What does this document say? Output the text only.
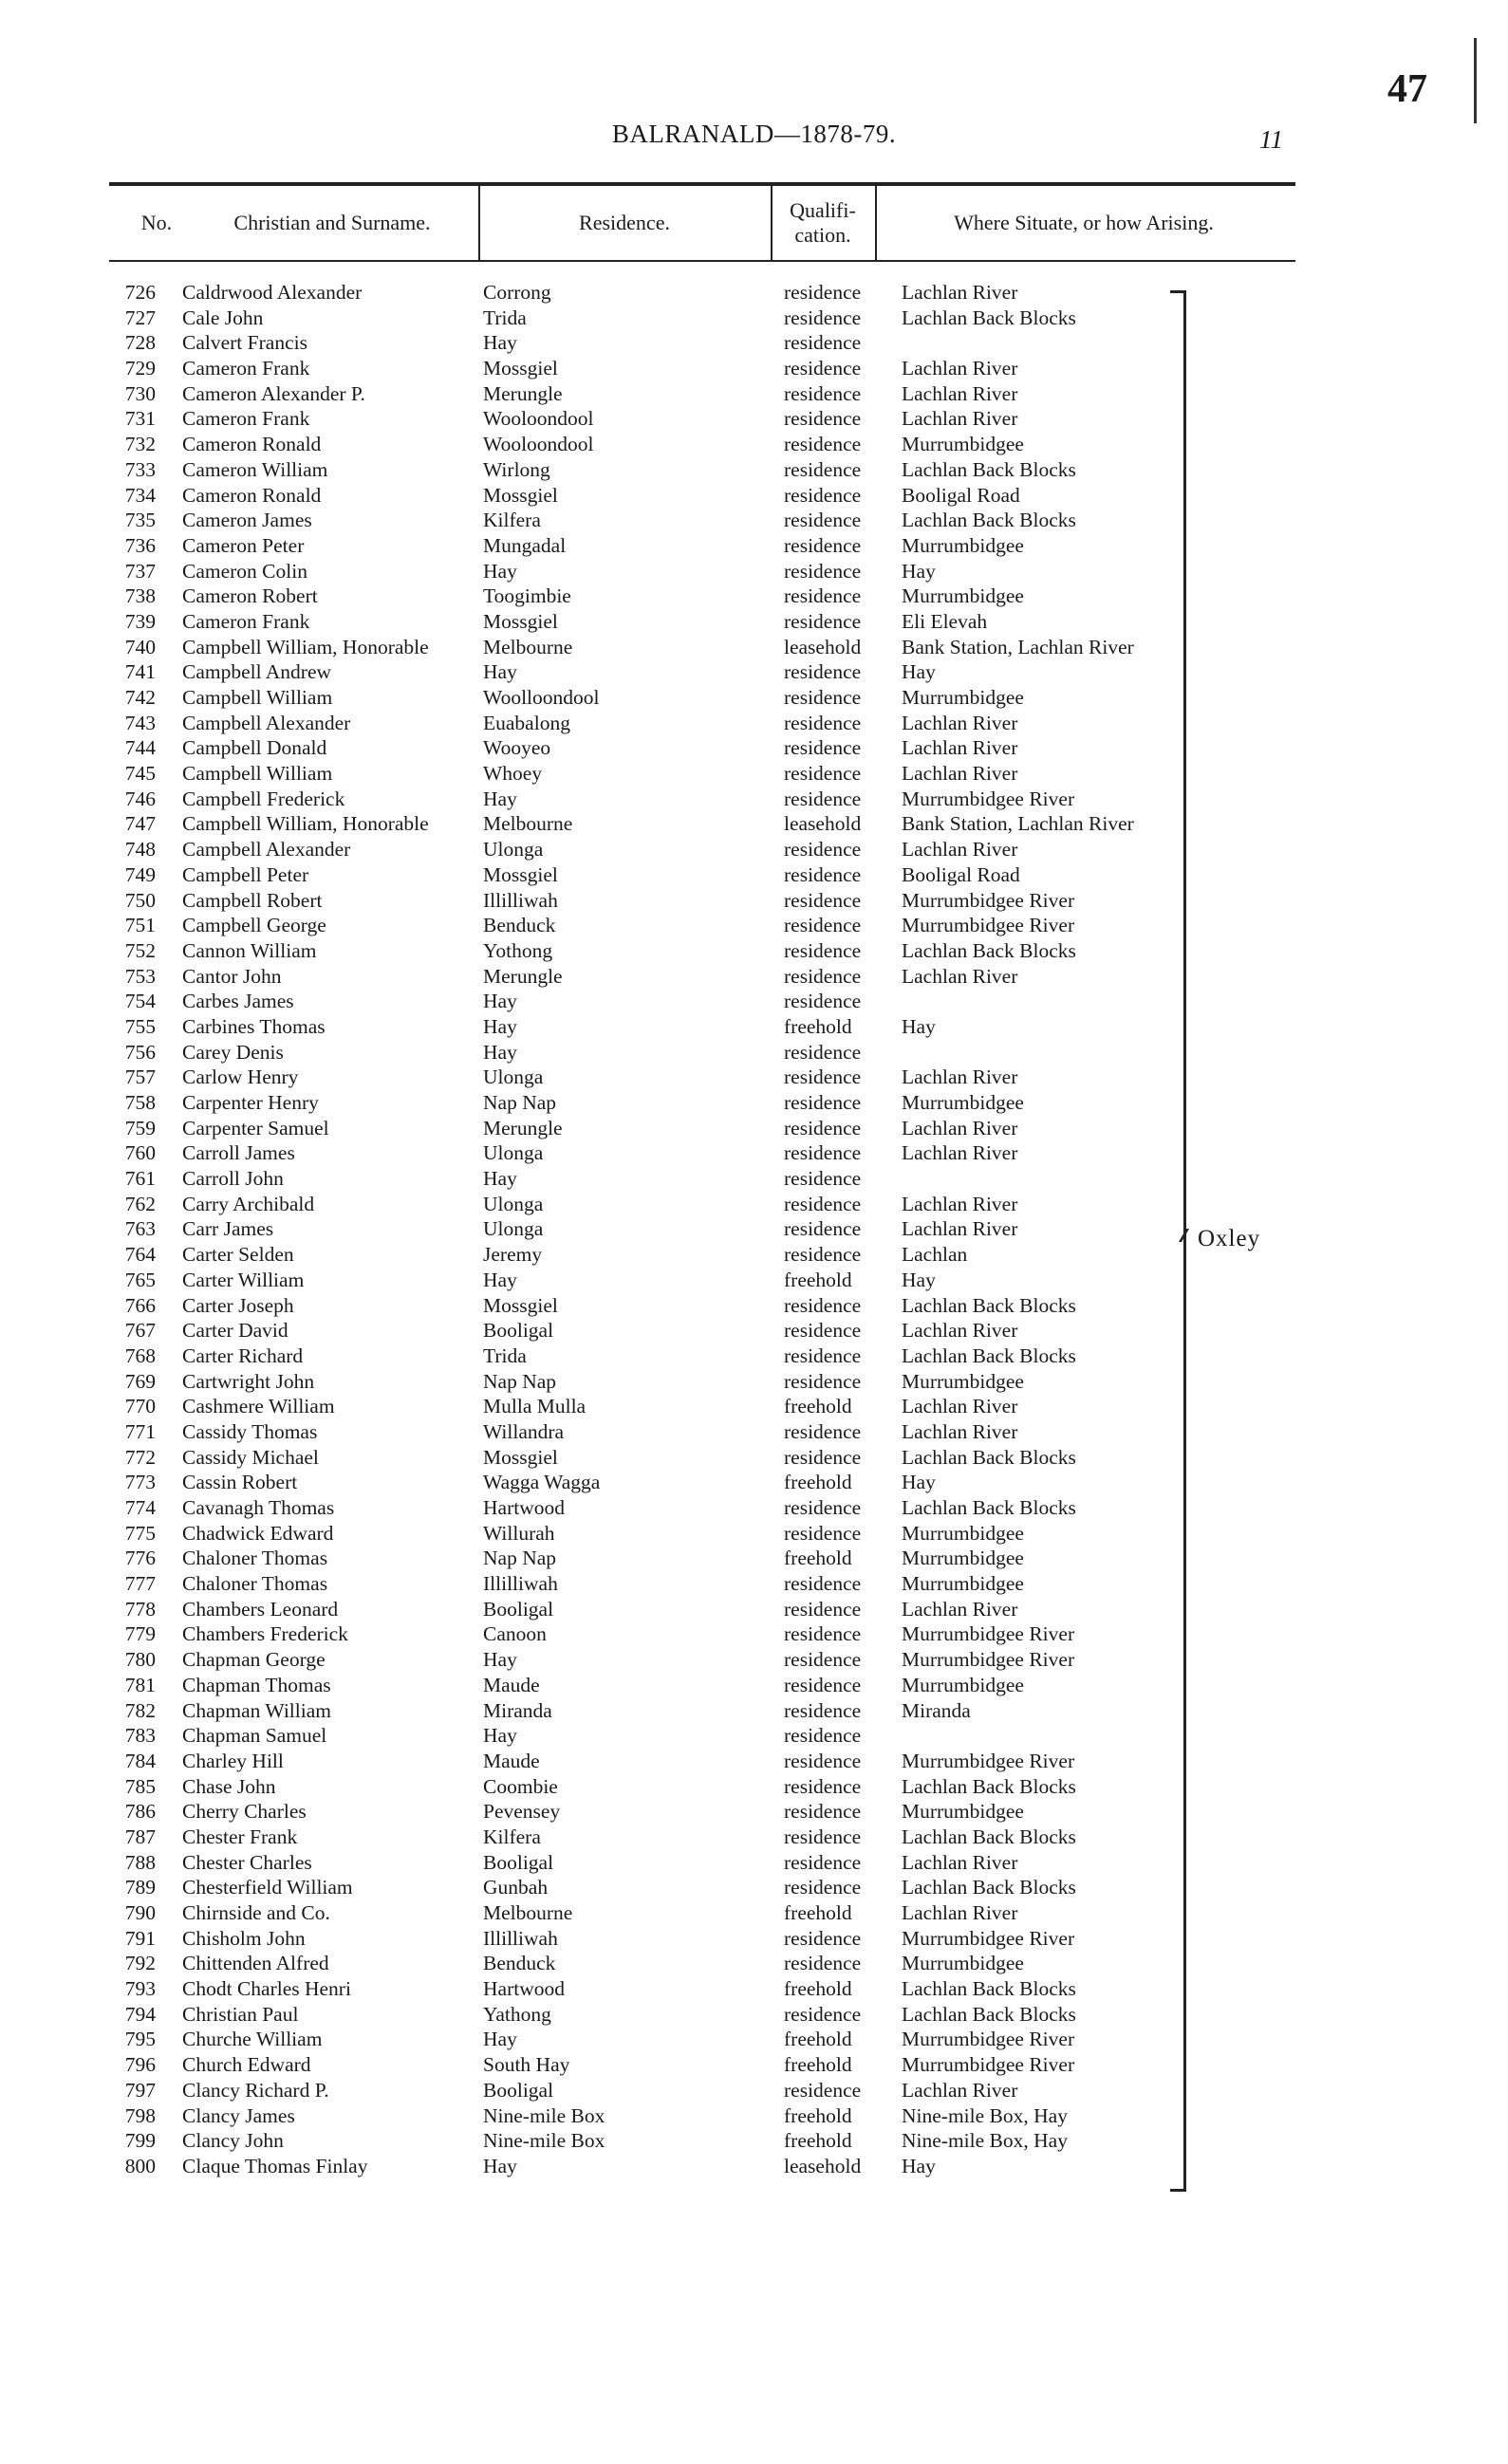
47
BALRANALD—1878-79.	11
No.	Christian and Surname.	Residence.
Qualifi-
cation.
Where Situate, or how Arising.
726 Caldrwood Alexander	Corrong	residence Lachlan River
727 Cale John	Trida	residence Lachlan Back Blocks
728 Calvert Francis	Hay	residence
729 Cameron Frank	Mossgiel	residence Lachlan River
730 Cameron Alexander P.	Merungle	residence Lachlan River
731 Cameron Frank	Wooloondool	residence Lachlan River
732 Cameron Ronald	Wooloondool	residence Murrumbidgee
733 Cameron William	Wirlong	residence Lachlan Back Blocks
734 Cameron Ronald	Mossgiel	residence Booligal Road
735 Cameron James	Kilfera	residence Lachlan Back Blocks
736 Cameron Peter	Mungadal	residence Murrumbidgee
737 Cameron Colin	Hay	residence Hay
738 Cameron Robert	Toogimbie	residence Murrumbidgee
739 Cameron Frank	Mossgiel	residence Eli Elevah
740 Campbell William, Honorable	Melbourne	leasehold Bank Station, Lachlan River
741 Campbell Andrew	Hay	residence Hay
742 Campbell William	Woolloondool	residence Murrumbidgee
743 Campbell Alexander	Euabalong	residence Lachlan River
744 Campbell Donald	Wooyeo	residence Lachlan River
745 Campbell William	Whoey	residence Lachlan River
746 Campbell Frederick	Hay	residence Murrumbidgee River
747 Campbell William, Honorable	Melbourne	leasehold Bank Station, Lachlan River
748 Campbell Alexander	Ulonga	residence Lachlan River
749 Campbell Peter	Mossgiel	residence Booligal Road
750 Campbell Robert	Illilliwah	residence Murrumbidgee River
751 Campbell George	Benduck	residence Murrumbidgee River
752 Cannon William	Yothong	residence Lachlan Back Blocks
753 Cantor John	Merungle	residence Lachlan River
754 Carbes James	Hay	residence
755 Carbines Thomas	Hay	freehold Hay
756 Carey Denis	Hay	residence
757 Carlow Henry	Ulonga	residence Lachlan River
758 Carpenter Henry	Nap Nap	residence Murrumbidgee
759 Carpenter Samuel	Merungle	residence Lachlan River
760 Carroll James	Ulonga	residence Lachlan River
761 Carroll John	Hay	residence
762 Carry Archibald	Ulonga	residence Lachlan River
763 Carr James	Ulonga	residence Lachlan River
764 Carter Selden	Jeremy	residence Lachlan
765 Carter William	Hay	freehold Hay
766 Carter Joseph	Mossgiel	residence Lachlan Back Blocks
767 Carter David	Booligal	residence Lachlan River
768 Carter Richard	Trida	residence Lachlan Back Blocks
769 Cartwright John	Nap Nap	residence Murrumbidgee
770 Cashmere William	Mulla Mulla	freehold Lachlan River
771 Cassidy Thomas	Willandra	residence Lachlan River
772 Cassidy Michael	Mossgiel	residence Lachlan Back Blocks
773 Cassin Robert	Wagga Wagga	freehold Hay
774 Cavanagh Thomas	Hartwood	residence Lachlan Back Blocks
775 Chadwick Edward	Willurah	residence Murrumbidgee
776 Chaloner Thomas	Nap Nap	freehold Murrumbidgee
777 Chaloner Thomas	Illilliwah	residence Murrumbidgee
778 Chambers Leonard	Booligal	residence Lachlan River
779 Chambers Frederick	Canoon	residence Murrumbidgee River
780 Chapman George	Hay	residence Murrumbidgee River
781 Chapman Thomas	Maude	residence Murrumbidgee
782 Chapman William	Miranda	residence Miranda
783 Chapman Samuel	Hay	residence
784 Charley Hill	Maude	residence Murrumbidgee River
785 Chase John	Coombie	residence Lachlan Back Blocks
786 Cherry Charles	Pevensey	residence Murrumbidgee
787 Chester Frank	Kilfera	residence Lachlan Back Blocks
788 Chester Charles	Booligal	residence Lachlan River
789 Chesterfield William	Gunbah	residence Lachlan Back Blocks
790 Chirnside and Co.	Melbourne	freehold Lachlan River
791 Chisholm John	Illilliwah	residence Murrumbidgee River
792 Chittenden Alfred	Benduck	residence Murrumbidgee
793 Chodt Charles Henri	Hartwood	freehold Lachlan Back Blocks
794 Christian Paul	Yathong	residence Lachlan Back Blocks
795 Churche William	Hay	freehold Murrumbidgee River
796 Church Edward	South Hay	freehold Murrumbidgee River
797 Clancy Richard P.	Booligal	residence Lachlan River
798 Clancy James	Nine-mile Box	freehold Nine-mile Box, Hay
799 Clancy John	Nine-mile Box	freehold Nine-mile Box, Hay
800 Claque Thomas Finlay	Hay	leasehold Hay
Oxley
